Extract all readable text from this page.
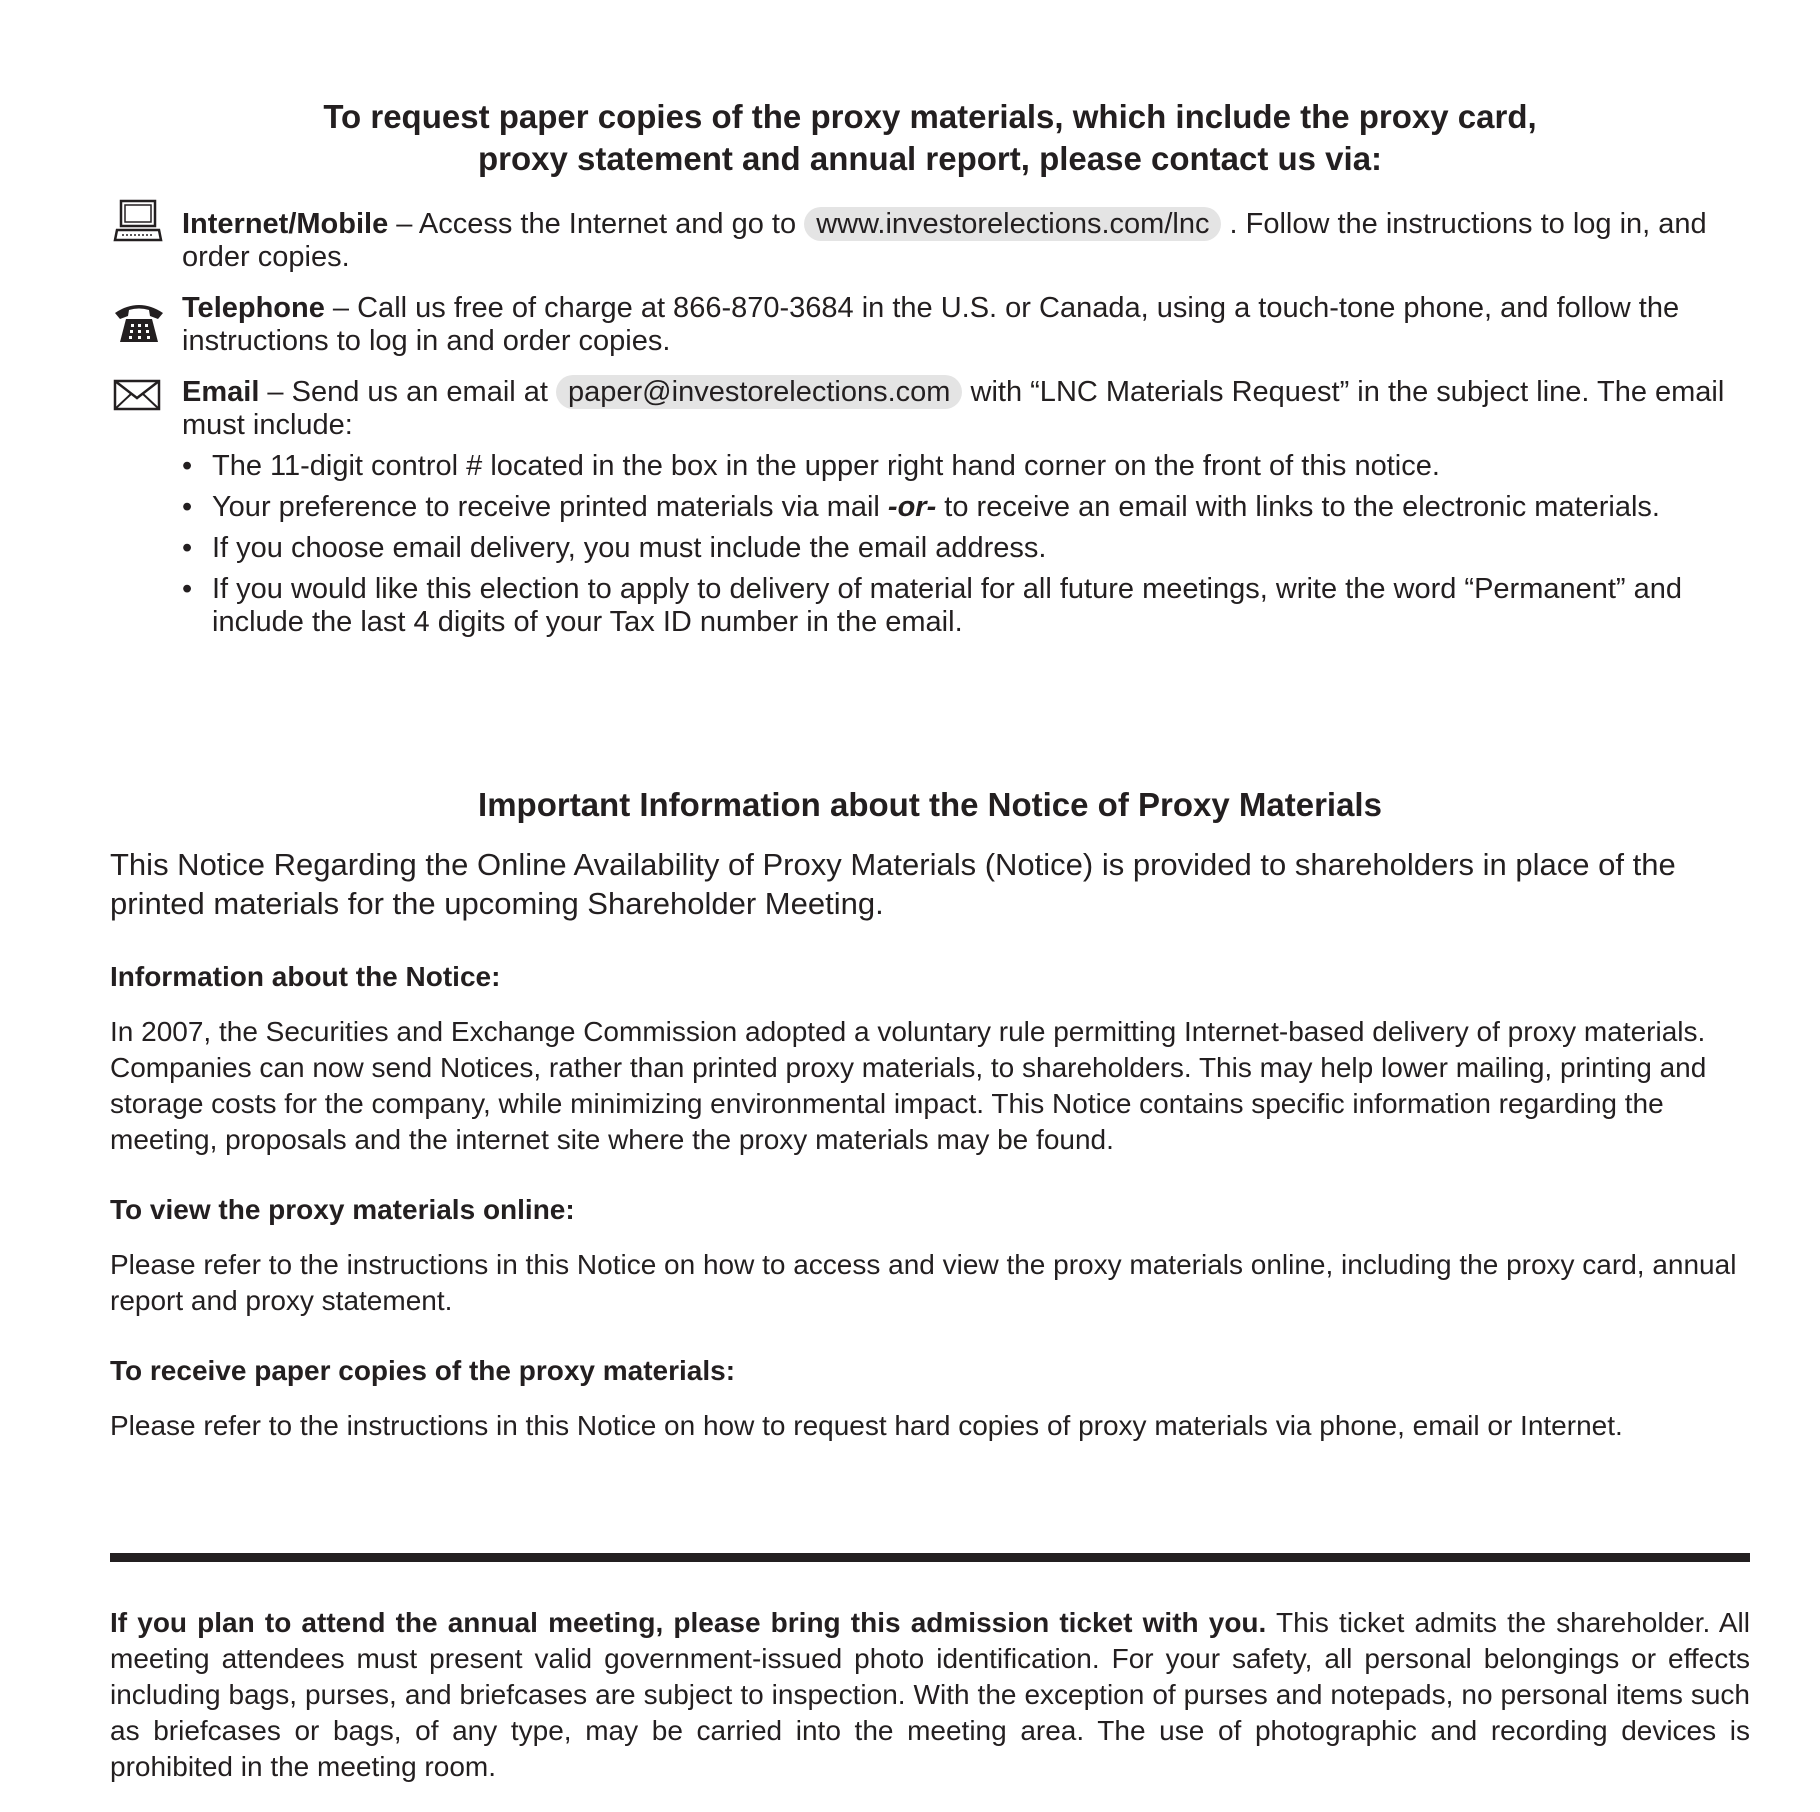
To request paper copies of the proxy materials, which include the proxy card,
proxy statement and annual report, please contact us via:
Internet/Mobile – Access the Internet and go to www.investorelections.com/lnc . Follow the instructions to log in, and order copies.
Telephone – Call us free of charge at 866-870-3684 in the U.S. or Canada, using a touch-tone phone, and follow the instructions to log in and order copies.
Email – Send us an email at paper@investorelections.com with “LNC Materials Request” in the subject line. The email must include:
• The 11-digit control # located in the box in the upper right hand corner on the front of this notice.
• Your preference to receive printed materials via mail -or- to receive an email with links to the electronic materials.
• If you choose email delivery, you must include the email address.
• If you would like this election to apply to delivery of material for all future meetings, write the word “Permanent” and include the last 4 digits of your Tax ID number in the email.
Important Information about the Notice of Proxy Materials
This Notice Regarding the Online Availability of Proxy Materials (Notice) is provided to shareholders in place of the printed materials for the upcoming Shareholder Meeting.
Information about the Notice:
In 2007, the Securities and Exchange Commission adopted a voluntary rule permitting Internet-based delivery of proxy materials. Companies can now send Notices, rather than printed proxy materials, to shareholders. This may help lower mailing, printing and storage costs for the company, while minimizing environmental impact. This Notice contains specific information regarding the meeting, proposals and the internet site where the proxy materials may be found.
To view the proxy materials online:
Please refer to the instructions in this Notice on how to access and view the proxy materials online, including the proxy card, annual report and proxy statement.
To receive paper copies of the proxy materials:
Please refer to the instructions in this Notice on how to request hard copies of proxy materials via phone, email or Internet.
If you plan to attend the annual meeting, please bring this admission ticket with you. This ticket admits the shareholder. All meeting attendees must present valid government-issued photo identification. For your safety, all personal belongings or effects including bags, purses, and briefcases are subject to inspection. With the exception of purses and notepads, no personal items such as briefcases or bags, of any type, may be carried into the meeting area. The use of photographic and recording devices is prohibited in the meeting room.
